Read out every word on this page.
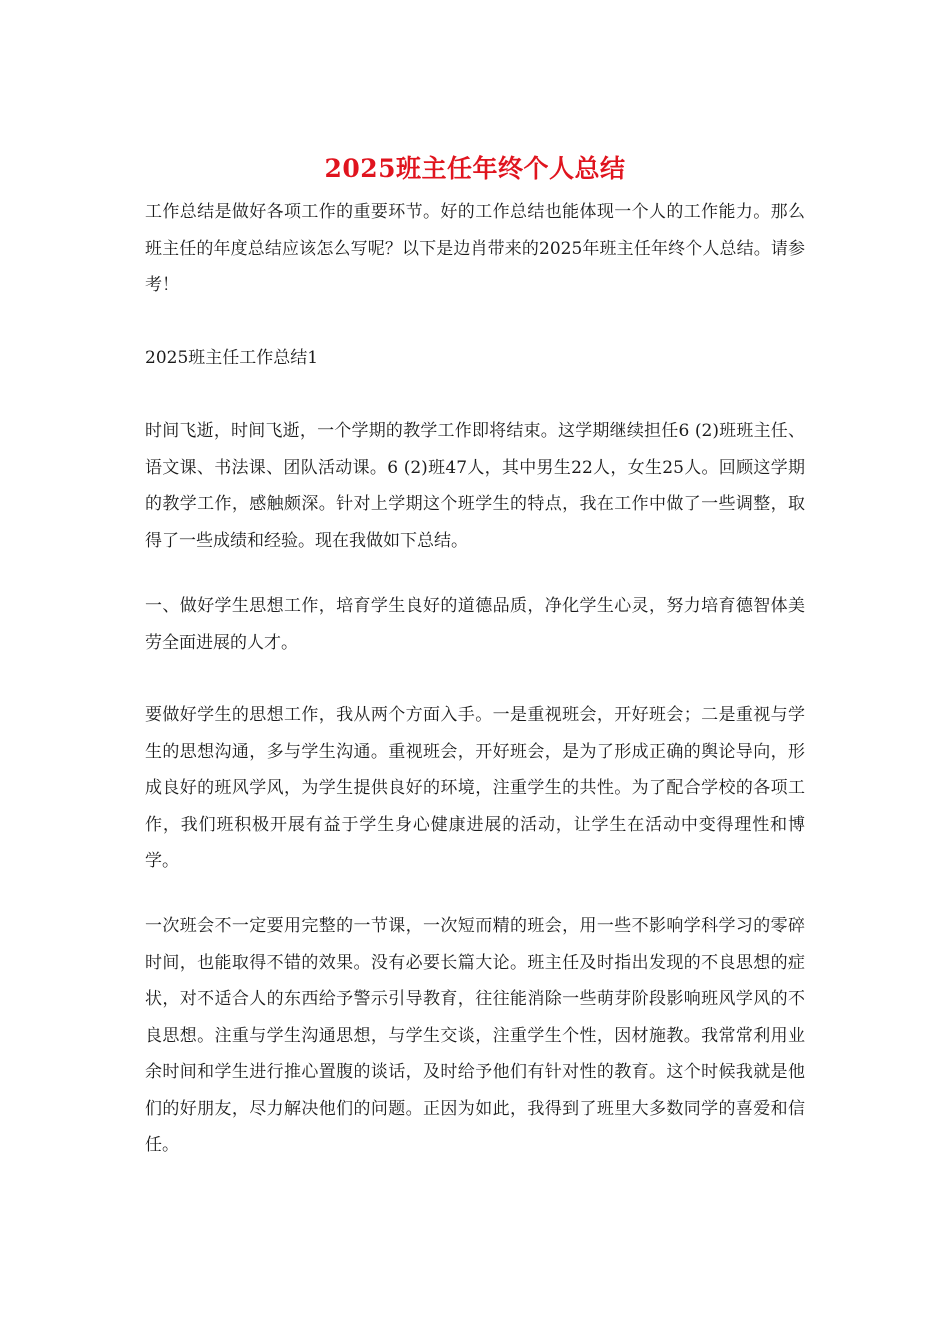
2025班主任年终个人总结

工作总结是做好各项工作的重要环节。好的工作总结也能体现一个人的工作能力。那么班主任的年度总结应该怎么写呢？以下是边肖带来的2025年班主任年终个人总结。请参考！

2025班主任工作总结1

时间飞逝，时间飞逝，一个学期的教学工作即将结束。这学期继续担任6 (2)班班主任、语文课、书法课、团队活动课。6 (2)班47人，其中男生22人，女生25人。回顾这学期的教学工作，感触颇深。针对上学期这个班学生的特点，我在工作中做了一些调整，取得了一些成绩和经验。现在我做如下总结。

一、做好学生思想工作，培育学生良好的道德品质，净化学生心灵，努力培育德智体美劳全面进展的人才。

要做好学生的思想工作，我从两个方面入手。一是重视班会，开好班会；二是重视与学生的思想沟通，多与学生沟通。重视班会，开好班会，是为了形成正确的舆论导向，形成良好的班风学风，为学生提供良好的环境，注重学生的共性。为了配合学校的各项工作，我们班积极开展有益于学生身心健康进展的活动，让学生在活动中变得理性和博学。

一次班会不一定要用完整的一节课，一次短而精的班会，用一些不影响学科学习的零碎时间，也能取得不错的效果。没有必要长篇大论。班主任及时指出发现的不良思想的症状，对不适合人的东西给予警示引导教育，往往能消除一些萌芽阶段影响班风学风的不良思想。注重与学生沟通思想，与学生交谈，注重学生个性，因材施教。我常常利用业余时间和学生进行推心置腹的谈话，及时给予他们有针对性的教育。这个时候我就是他们的好朋友，尽力解决他们的问题。正因为如此，我得到了班里大多数同学的喜爱和信任。
